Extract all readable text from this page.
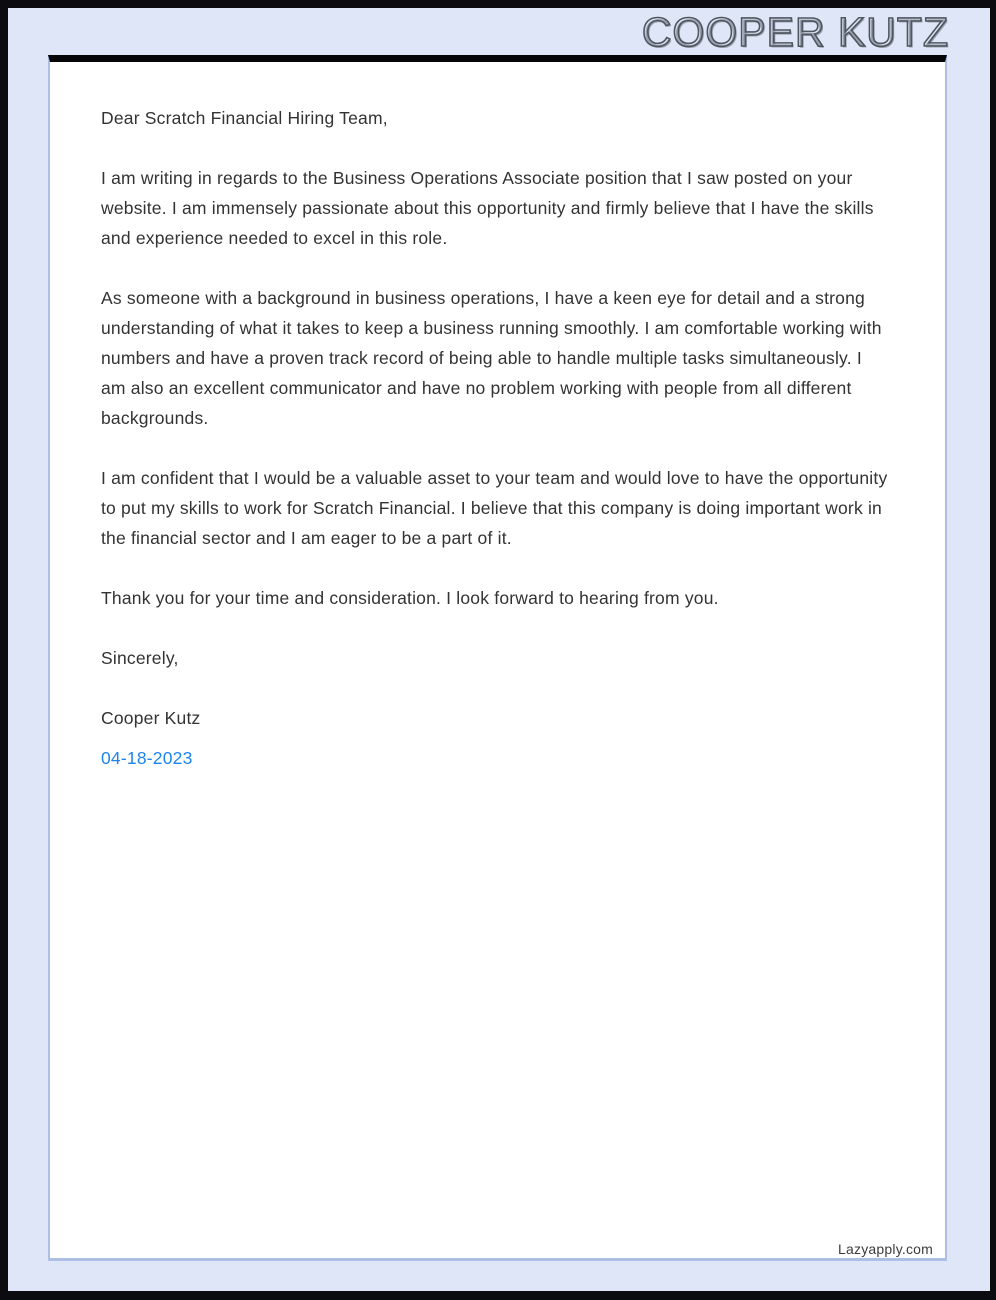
COOPER KUTZ

Dear Scratch Financial Hiring Team,

I am writing in regards to the Business Operations Associate position that I saw posted on your website. I am immensely passionate about this opportunity and firmly believe that I have the skills and experience needed to excel in this role.

As someone with a background in business operations, I have a keen eye for detail and a strong understanding of what it takes to keep a business running smoothly. I am comfortable working with numbers and have a proven track record of being able to handle multiple tasks simultaneously. I am also an excellent communicator and have no problem working with people from all different backgrounds.

I am confident that I would be a valuable asset to your team and would love to have the opportunity to put my skills to work for Scratch Financial. I believe that this company is doing important work in the financial sector and I am eager to be a part of it.

Thank you for your time and consideration. I look forward to hearing from you.

Sincerely,

Cooper Kutz

04-18-2023

Lazyapply.com
